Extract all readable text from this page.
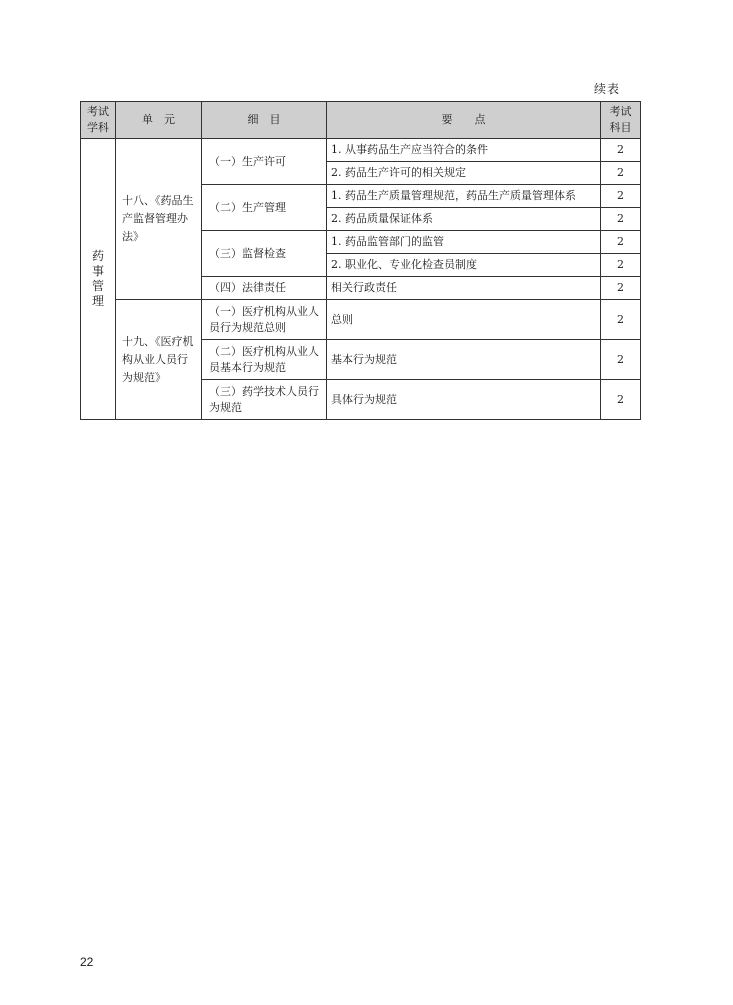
续表
考试学科	单　元	细　目	要　　点	考试科目
药事管理	十八、《药品生产监督管理办法》	（一）生产许可	1. 从事药品生产应当符合的条件	2
			2. 药品生产许可的相关规定	2
		（二）生产管理	1. 药品生产质量管理规范，药品生产质量管理体系	2
			2. 药品质量保证体系	2
		（三）监督检查	1. 药品监管部门的监管	2
			2. 职业化、专业化检查员制度	2
		（四）法律责任	相关行政责任	2
	十九、《医疗机构从业人员行为规范》	（一）医疗机构从业人员行为规范总则	总则	2
		（二）医疗机构从业人员基本行为规范	基本行为规范	2
		（三）药学技术人员行为规范	具体行为规范	2
22
